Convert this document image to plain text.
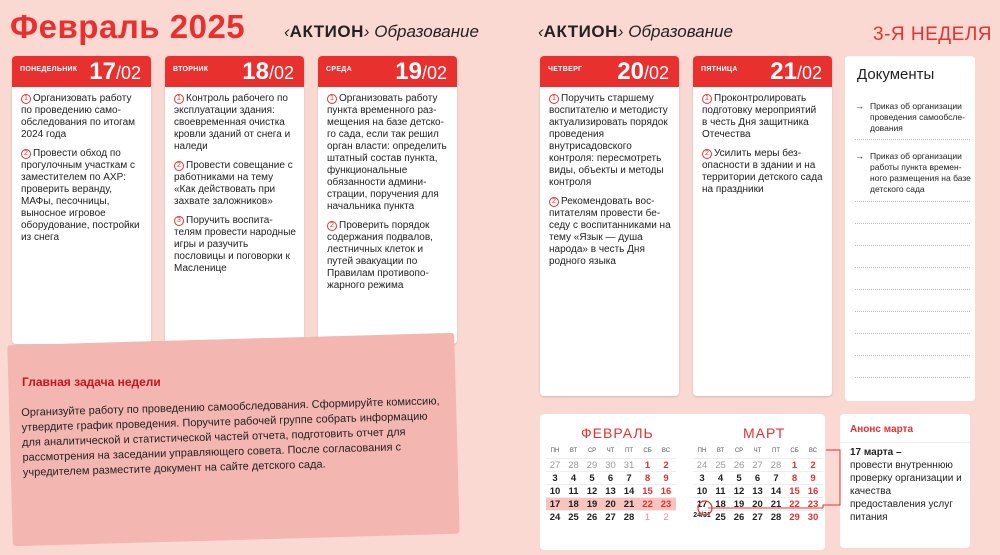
Февраль 2025 ‹АКТИОН› Образование	‹АКТИОН› Образование	3-Я НЕДЕЛЯ
ПОНЕДЕЛЬНИК 17/02
1 Организовать работу по проведению самообследования по итогам 2024 года
2 Провести обход по прогулочным участкам с заместителем по АХР: проверить веранду, МАФы, песочницы, выносное игровое оборудование, постройки из снега
ВТОРНИК 18/02
1 Контроль рабочего по эксплуатации здания: своевременная очистка кровли зданий от снега и наледи
2 Провести совещание с работниками на тему «Как действовать при захвате заложников»
3 Поручить воспитателям провести народные игры и разучить пословицы и поговорки к Масленице
СРЕДА 19/02
1 Организовать работу пункта временного размещения на базе детского сада, если так решил орган власти: определить штатный состав пункта, функциональные обязанности администрации, поручения для начальника пункта
2 Проверить порядок содержания подвалов, лестничных клеток и путей эвакуации по Правилам противопожарного режима
ЧЕТВЕРГ 20/02
1 Поручить старшему воспитателю и методисту актуализировать порядок проведения внутрисадовского контроля: пересмотреть виды, объекты и методы контроля
2 Рекомендовать воспитателям провести беседу с воспитанниками на тему «Язык — душа народа» в честь Дня родного языка
ПЯТНИЦА 21/02
1 Проконтролировать подготовку мероприятий в честь Дня защитника Отечества
2 Усилить меры безопасности в здании и на территории детского сада на праздники
Главная задача недели
Организуйте работу по проведению самообследования. Сформируйте комиссию, утвердите график проведения. Поручите рабочей группе собрать информацию для аналитической и статистической частей отчета, подготовить отчет для рассмотрения на заседании управляющего совета. После согласования с учредителем разместите документ на сайте детского сада.
Документы
→ Приказ об организации проведения самообследования
→ Приказ об организации работы пункта временного размещения на базе детского сада
ФЕВРАЛЬ
ПН	ВТ	СР	ЧТ	ПТ	СБ	ВС
27 28 29 30 31	1	2
3	4	5	6	7	8	9
10 11 12 13 14 15 16
17 18 19 20 21 22 23
24 25 26 27 28	1	2
МАРТ
ПН	ВТ	СР	ЧТ	ПТ	СБ	ВС
24 25 26 27 28	1	2
3	4	5	6	7	8	9
10 11 12 13 14 15 16
17 18 19 20 21 22 23
24/31 25 26 27 28 29 30
Анонс марта
17 марта –
провести внутреннюю проверку организации и качества предоставления услуг питания
